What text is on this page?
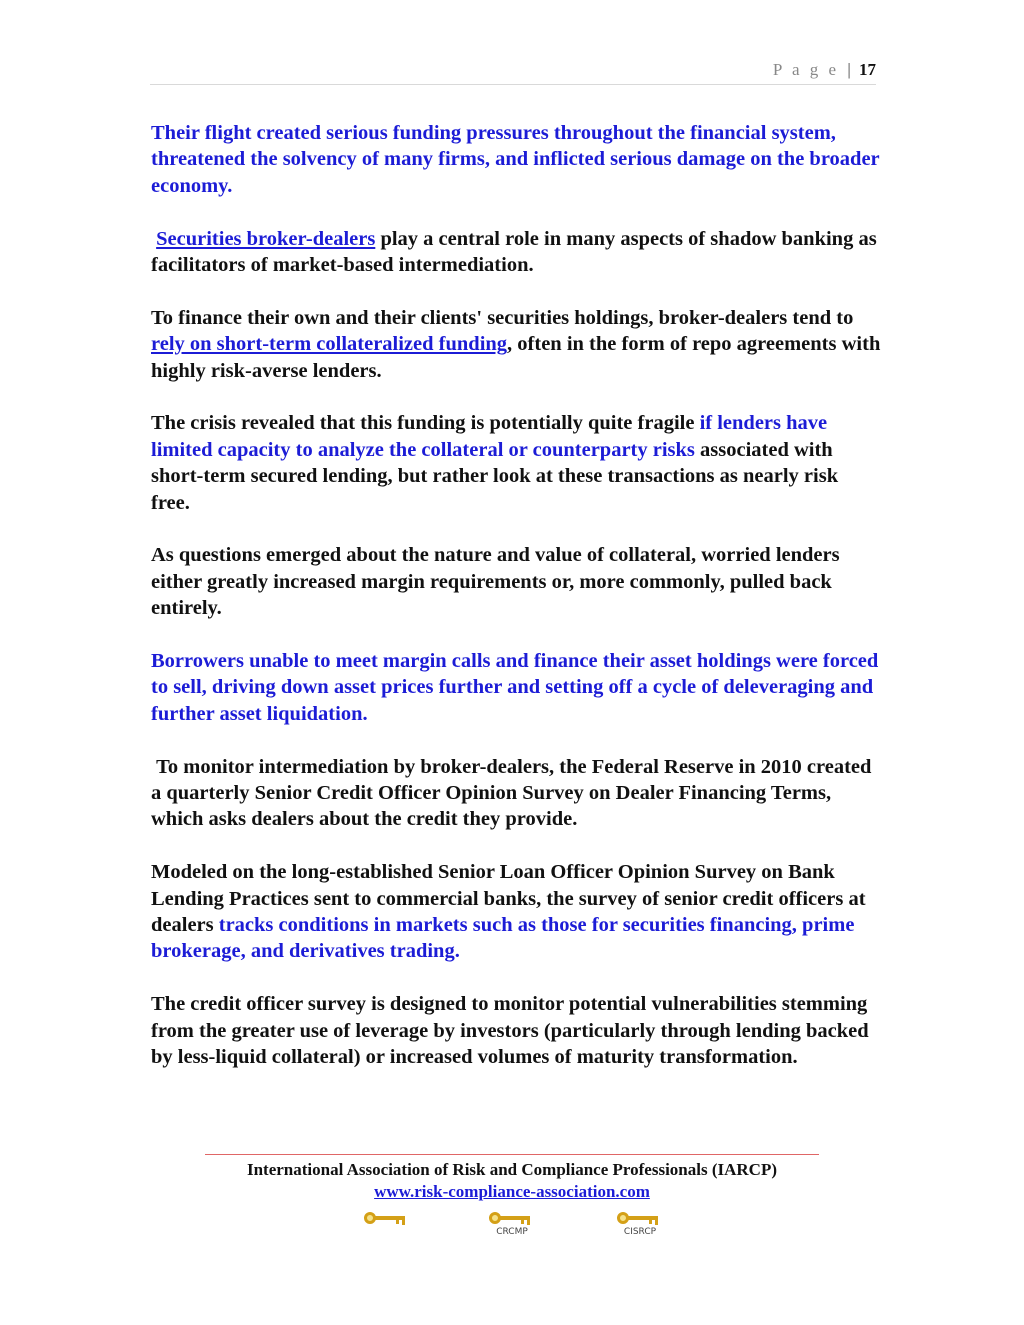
P a g e | 17

Their flight created serious funding pressures throughout the financial system, threatened the solvency of many firms, and inflicted serious damage on the broader economy.

Securities broker-dealers play a central role in many aspects of shadow banking as facilitators of market-based intermediation.

To finance their own and their clients' securities holdings, broker-dealers tend to rely on short-term collateralized funding, often in the form of repo agreements with highly risk-averse lenders.

The crisis revealed that this funding is potentially quite fragile if lenders have limited capacity to analyze the collateral or counterparty risks associated with short-term secured lending, but rather look at these transactions as nearly risk free.

As questions emerged about the nature and value of collateral, worried lenders either greatly increased margin requirements or, more commonly, pulled back entirely.

Borrowers unable to meet margin calls and finance their asset holdings were forced to sell, driving down asset prices further and setting off a cycle of deleveraging and further asset liquidation.

To monitor intermediation by broker-dealers, the Federal Reserve in 2010 created a quarterly Senior Credit Officer Opinion Survey on Dealer Financing Terms, which asks dealers about the credit they provide.

Modeled on the long-established Senior Loan Officer Opinion Survey on Bank Lending Practices sent to commercial banks, the survey of senior credit officers at dealers tracks conditions in markets such as those for securities financing, prime brokerage, and derivatives trading.

The credit officer survey is designed to monitor potential vulnerabilities stemming from the greater use of leverage by investors (particularly through lending backed by less-liquid collateral) or increased volumes of maturity transformation.

International Association of Risk and Compliance Professionals (IARCP)
www.risk-compliance-association.com
CRCMP	CISRCP
